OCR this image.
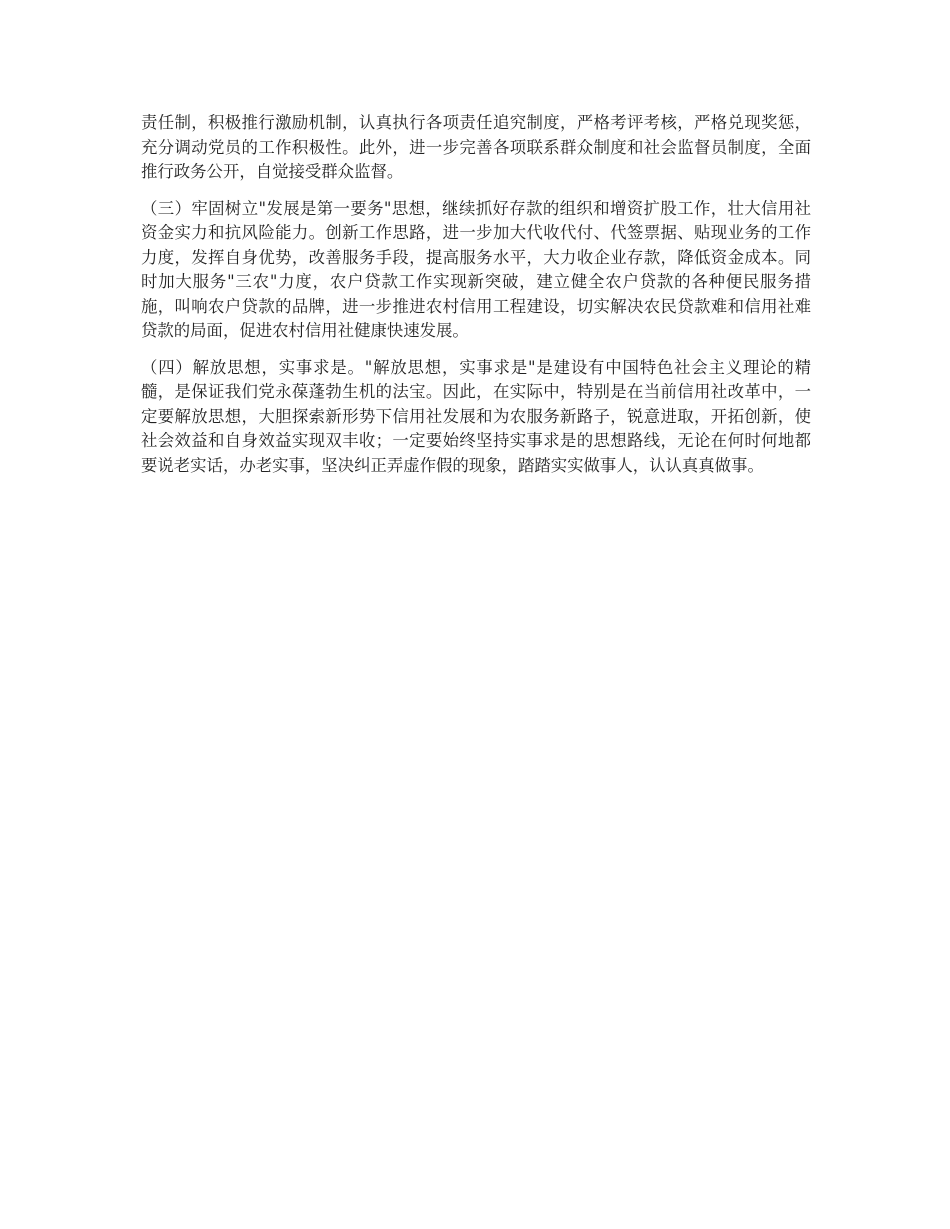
责任制，积极推行激励机制，认真执行各项责任追究制度，严格考评考核，严格兑现奖惩，充分调动党员的工作积极性。此外，进一步完善各项联系群众制度和社会监督员制度，全面推行政务公开，自觉接受群众监督。

（三）牢固树立"发展是第一要务"思想，继续抓好存款的组织和增资扩股工作，壮大信用社资金实力和抗风险能力。创新工作思路，进一步加大代收代付、代签票据、贴现业务的工作力度，发挥自身优势，改善服务手段，提高服务水平，大力收企业存款，降低资金成本。同时加大服务"三农"力度，农户贷款工作实现新突破，建立健全农户贷款的各种便民服务措施，叫响农户贷款的品牌，进一步推进农村信用工程建设，切实解决农民贷款难和信用社难贷款的局面，促进农村信用社健康快速发展。

（四）解放思想，实事求是。"解放思想，实事求是"是建设有中国特色社会主义理论的精髓，是保证我们党永葆蓬勃生机的法宝。因此，在实际中，特别是在当前信用社改革中，一定要解放思想，大胆探索新形势下信用社发展和为农服务新路子，锐意进取，开拓创新，使社会效益和自身效益实现双丰收；一定要始终坚持实事求是的思想路线，无论在何时何地都要说老实话，办老实事，坚决纠正弄虚作假的现象，踏踏实实做事人，认认真真做事。
